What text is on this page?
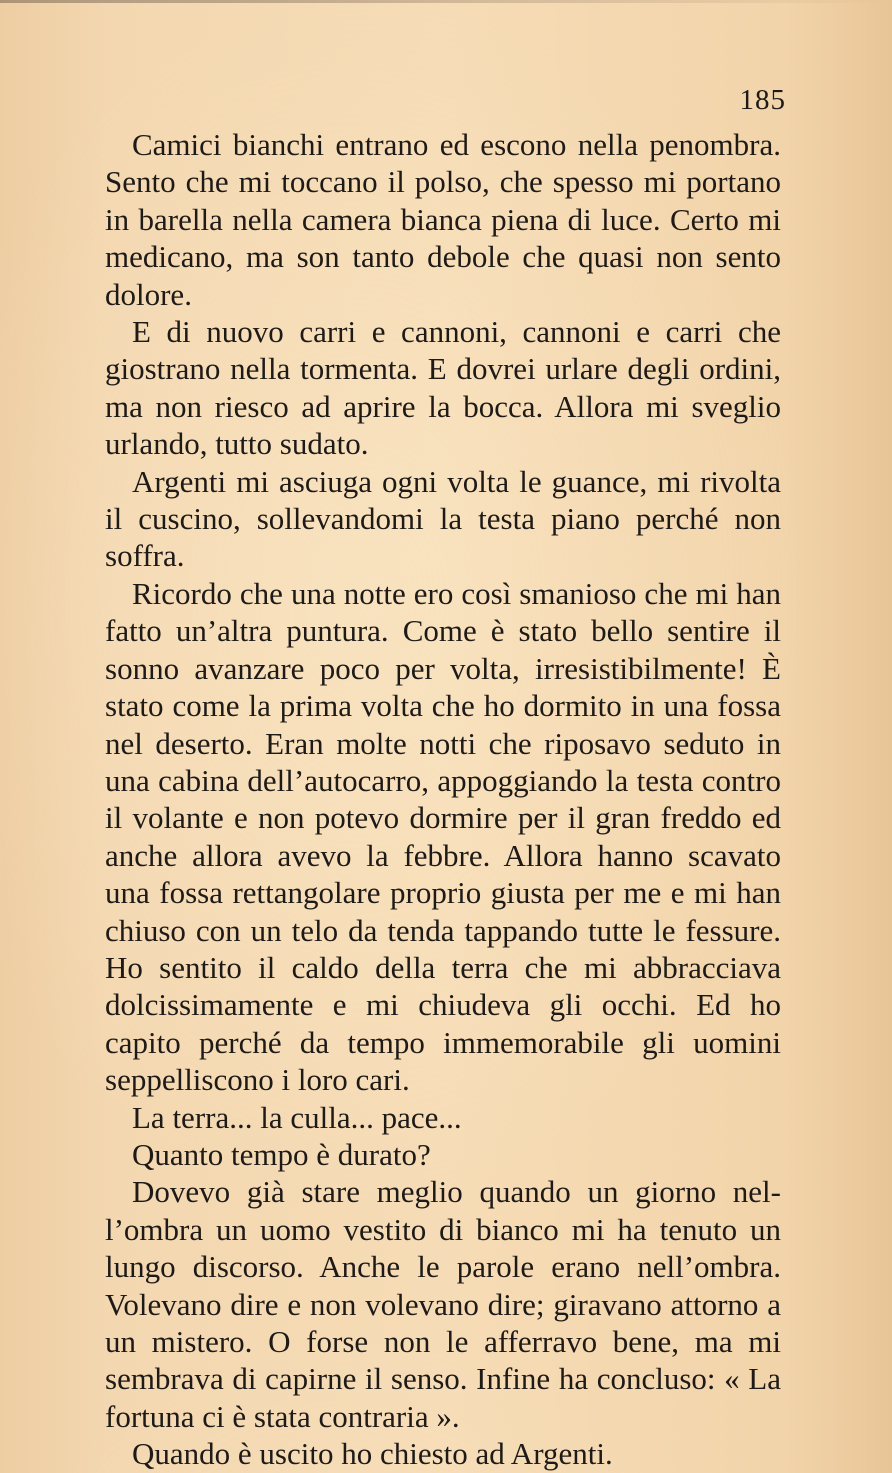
185

Camici bianchi entrano ed escono nella penombra. Sento che mi toccano il polso, che spesso mi portano in barella nella camera bianca piena di luce. Certo mi medicano, ma son tanto debole che quasi non sento dolore.

E di nuovo carri e cannoni, cannoni e carri che giostrano nella tormenta. E dovrei urlare degli ordini, ma non riesco ad aprire la bocca. Allora mi sveglio urlando, tutto sudato.

Argenti mi asciuga ogni volta le guance, mi rivolta il cuscino, sollevandomi la testa piano perché non soffra.

Ricordo che una notte ero così smanioso che mi han fatto un’altra puntura. Come è stato bello sentire il sonno avanzare poco per volta, irresistibilmente! È stato come la prima volta che ho dormito in una fossa nel deserto. Eran molte notti che riposavo seduto in una cabina dell’autocarro, appoggiando la testa contro il volante e non potevo dormire per il gran freddo ed anche allora avevo la febbre. Allora hanno scavato una fossa rettangolare proprio giusta per me e mi han chiuso con un telo da tenda tappando tutte le fessure. Ho sentito il caldo della terra che mi abbracciava dolcissimamente e mi chiudeva gli occhi. Ed ho capito perché da tempo immemorabile gli uomini seppelliscono i loro cari.

La terra... la culla... pace...

Quanto tempo è durato?

Dovevo già stare meglio quando un giorno nell’ombra un uomo vestito di bianco mi ha tenuto un lungo discorso. Anche le parole erano nell’ombra. Volevano dire e non volevano dire; giravano attorno a un mistero. O forse non le afferravo bene, ma mi sembrava di capirne il senso. Infine ha concluso: « La fortuna ci è stata contraria ».

Quando è uscito ho chiesto ad Argenti.
